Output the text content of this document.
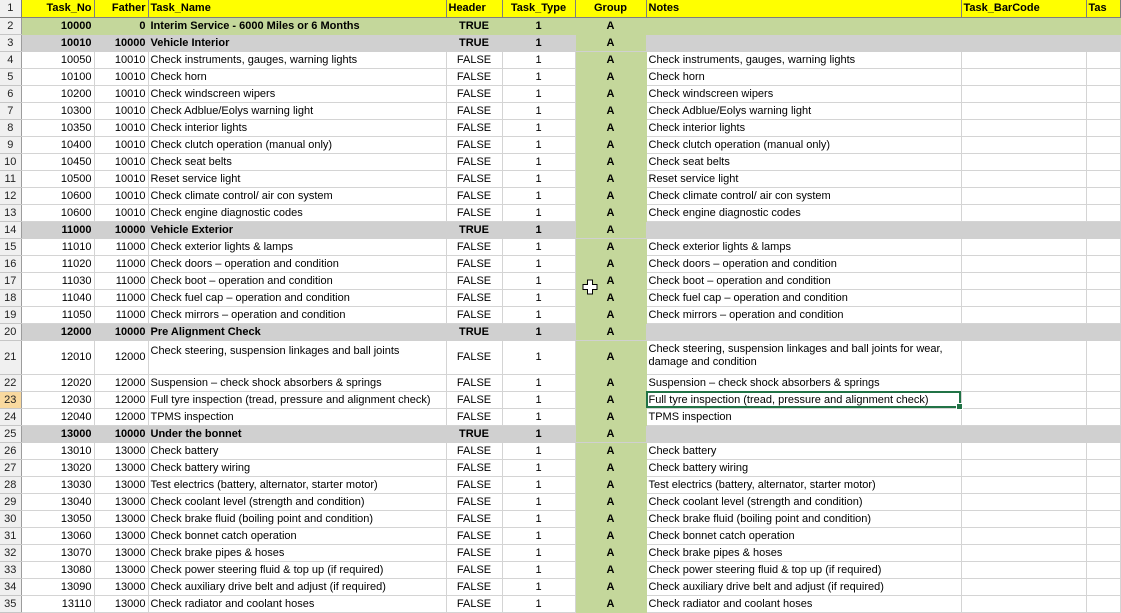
1	Task_No	Father	Task_Name	Header	Task_Type	Group	Notes	Task_BarCode	Tas
2	10000	0	Interim Service - 6000 Miles or 6 Months	TRUE	1	A			
3	10010	10000	Vehicle Interior	TRUE	1	A			
4	10050	10010	Check instruments, gauges, warning lights	FALSE	1	A	Check instruments, gauges, warning lights		
5	10100	10010	Check horn	FALSE	1	A	Check horn		
6	10200	10010	Check windscreen wipers	FALSE	1	A	Check windscreen wipers		
7	10300	10010	Check Adblue/Eolys warning light	FALSE	1	A	Check Adblue/Eolys warning light		
8	10350	10010	Check interior lights	FALSE	1	A	Check interior lights		
9	10400	10010	Check clutch operation (manual only)	FALSE	1	A	Check clutch operation (manual only)		
10	10450	10010	Check seat belts	FALSE	1	A	Check seat belts		
11	10500	10010	Reset service light	FALSE	1	A	Reset service light		
12	10600	10010	Check climate control/ air con system	FALSE	1	A	Check climate control/ air con system		
13	10600	10010	Check engine diagnostic codes	FALSE	1	A	Check engine diagnostic codes		
14	11000	10000	Vehicle Exterior	TRUE	1	A			
15	11010	11000	Check exterior lights & lamps	FALSE	1	A	Check exterior lights & lamps		
16	11020	11000	Check doors – operation and condition	FALSE	1	A	Check doors – operation and condition		
17	11030	11000	Check boot – operation and condition	FALSE	1	A	Check boot – operation and condition		
18	11040	11000	Check fuel cap – operation and condition	FALSE	1	A	Check fuel cap – operation and condition		
19	11050	11000	Check mirrors – operation and condition	FALSE	1	A	Check mirrors – operation and condition		
20	12000	10000	Pre Alignment Check	TRUE	1	A			
21	12010	12000	Check steering, suspension linkages and ball joints	FALSE	1	A	Check steering, suspension linkages and ball joints for wear, damage and condition		
22	12020	12000	Suspension – check shock absorbers & springs	FALSE	1	A	Suspension – check shock absorbers & springs		
23	12030	12000	Full tyre inspection (tread, pressure and alignment check)	FALSE	1	A	Full tyre inspection (tread, pressure and alignment check)		
24	12040	12000	TPMS inspection	FALSE	1	A	TPMS inspection		
25	13000	10000	Under the bonnet	TRUE	1	A			
26	13010	13000	Check battery	FALSE	1	A	Check battery		
27	13020	13000	Check battery wiring	FALSE	1	A	Check battery wiring		
28	13030	13000	Test electrics (battery, alternator, starter motor)	FALSE	1	A	Test electrics (battery, alternator, starter motor)		
29	13040	13000	Check coolant level (strength and condition)	FALSE	1	A	Check coolant level (strength and condition)		
30	13050	13000	Check brake fluid (boiling point and condition)	FALSE	1	A	Check brake fluid (boiling point and condition)		
31	13060	13000	Check bonnet catch operation	FALSE	1	A	Check bonnet catch operation		
32	13070	13000	Check brake pipes & hoses	FALSE	1	A	Check brake pipes & hoses		
33	13080	13000	Check power steering fluid & top up (if required)	FALSE	1	A	Check power steering fluid & top up (if required)		
34	13090	13000	Check auxiliary drive belt and adjust (if required)	FALSE	1	A	Check auxiliary drive belt and adjust (if required)		
35	13110	13000	Check radiator and coolant hoses	FALSE	1	A	Check radiator and coolant hoses		
